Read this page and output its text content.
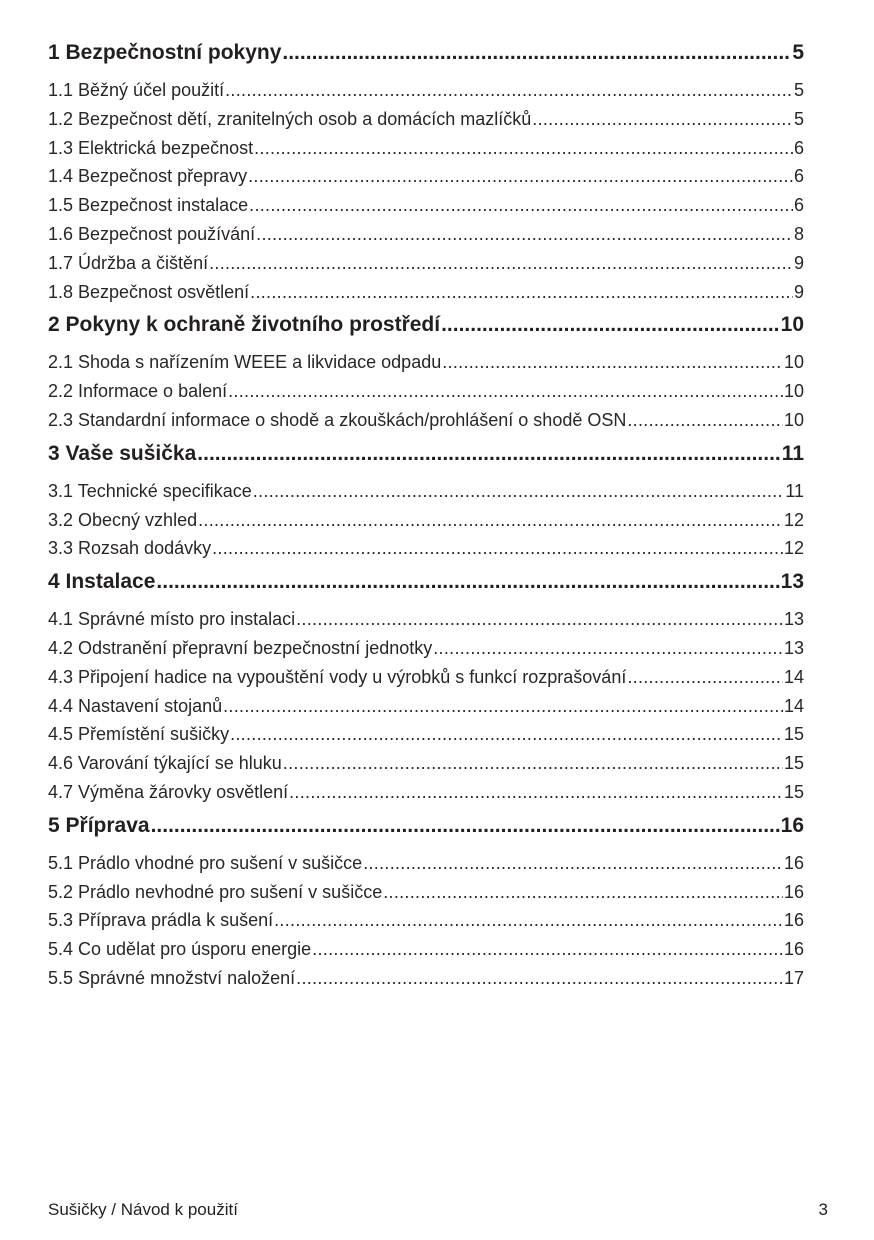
1 Bezpečnostní pokyny .....	5
1.1 Běžný účel použití .....	5
1.2 Bezpečnost dětí, zranitelných osob a domácích mazlíčků .....	5
1.3 Elektrická bezpečnost .....	6
1.4 Bezpečnost přepravy .....	6
1.5 Bezpečnost instalace .....	6
1.6 Bezpečnost používání .....	8
1.7 Údržba a čištění .....	9
1.8 Bezpečnost osvětlení .....	9
2 Pokyny k ochraně životního prostředí .....	10
2.1 Shoda s nařízením WEEE a likvidace odpadu .....	10
2.2 Informace o balení .....	10
2.3 Standardní informace o shodě a zkouškách/prohlášení o shodě OSN .....	10
3 Vaše sušička .....	11
3.1 Technické specifikace .....	11
3.2 Obecný vzhled .....	12
3.3 Rozsah dodávky .....	12
4 Instalace .....	13
4.1 Správné místo pro instalaci .....	13
4.2 Odstranění přepravní bezpečnostní jednotky .....	13
4.3 Připojení hadice na vypouštění vody u výrobků s funkcí rozprašování .....	14
4.4 Nastavení stojanů .....	14
4.5 Přemístění sušičky .....	15
4.6 Varování týkající se hluku .....	15
4.7 Výměna žárovky osvětlení .....	15
5 Příprava .....	16
5.1 Prádlo vhodné pro sušení v sušičce .....	16
5.2 Prádlo nevhodné pro sušení v sušičce .....	16
5.3 Příprava prádla k sušení .....	16
5.4 Co udělat pro úsporu energie .....	16
5.5 Správné množství naložení .....	17
Sušičky / Návod k použití	3
